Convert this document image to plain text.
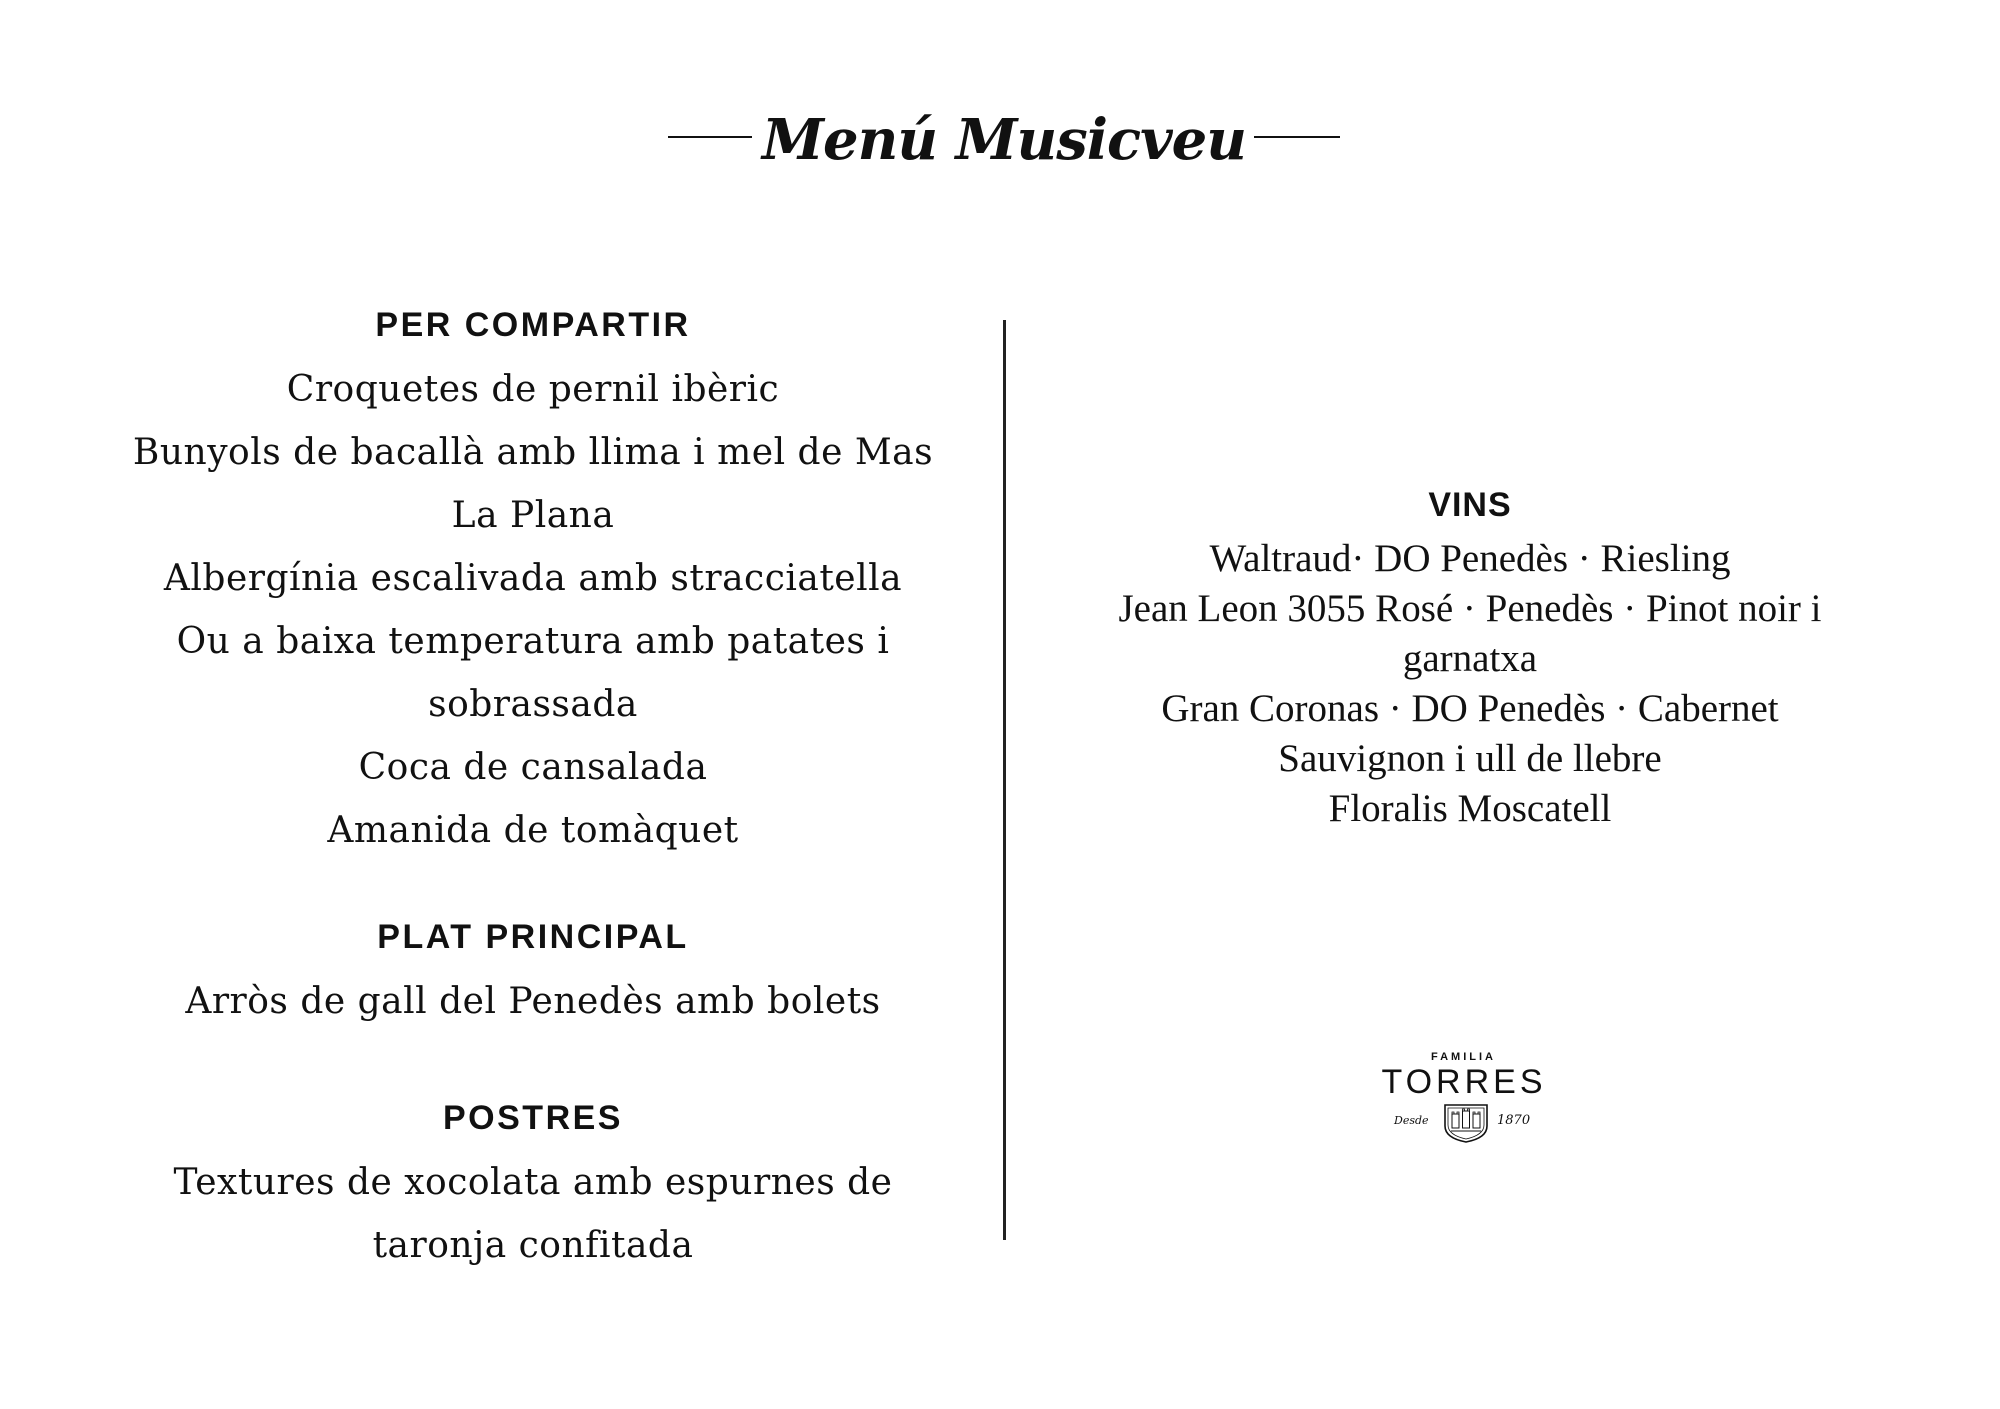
Menú Musicveu
PER COMPARTIR
Croquetes de pernil ibèric
Bunyols de bacallà amb llima i mel de Mas La Plana
Albergínia escalivada amb stracciatella
Ou a baixa temperatura amb patates i sobrassada
Coca de cansalada
Amanida de tomàquet
PLAT PRINCIPAL
Arròs de gall del Penedès amb bolets
POSTRES
Textures de xocolata amb espurnes de taronja confitada
VINS
Waltraud· DO Penedès · Riesling
Jean Leon 3055 Rosé · Penedès · Pinot noir i garnatxa
Gran Coronas · DO Penedès · Cabernet Sauvignon i ull de llebre
Floralis Moscatell
FAMILIA
TORRES
Desde	1870
